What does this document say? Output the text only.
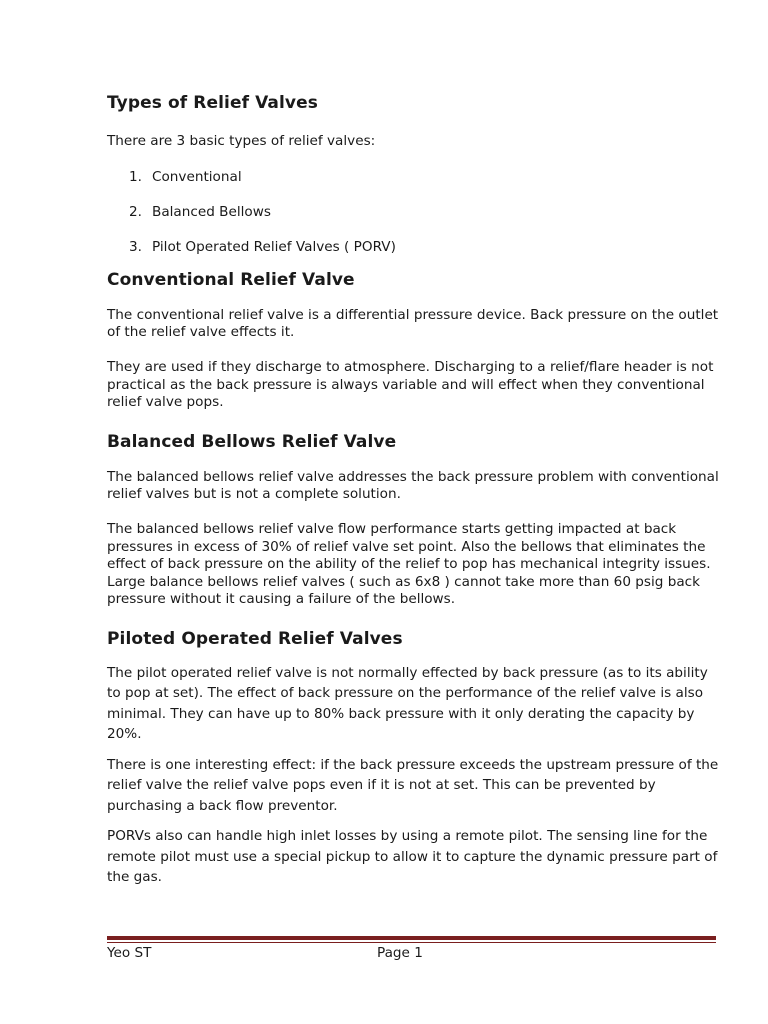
Types of Relief Valves

There are 3 basic types of relief valves:

1. Conventional
2. Balanced Bellows
3. Pilot Operated Relief Valves ( PORV)
Conventional Relief Valve

The conventional relief valve is a differential pressure device. Back pressure on the outlet of the relief valve effects it.

They are used if they discharge to atmosphere. Discharging to a relief/flare header is not practical as the back pressure is always variable and will effect when they conventional relief valve pops.

Balanced Bellows Relief Valve

The balanced bellows relief valve addresses the back pressure problem with conventional relief valves but is not a complete solution.

The balanced bellows relief valve flow performance starts getting impacted at back pressures in excess of 30% of relief valve set point. Also the bellows that eliminates the effect of back pressure on the ability of the relief to pop has mechanical integrity issues. Large balance bellows relief valves ( such as 6x8 ) cannot take more than 60 psig back pressure without it causing a failure of the bellows.

Piloted Operated Relief Valves

The pilot operated relief valve is not normally effected by back pressure (as to its ability to pop at set). The effect of back pressure on the performance of the relief valve is also minimal. They can have up to 80% back pressure with it only derating the capacity by 20%.

There is one interesting effect: if the back pressure exceeds the upstream pressure of the relief valve the relief valve pops even if it is not at set. This can be prevented by purchasing a back flow preventor.

PORVs also can handle high inlet losses by using a remote pilot. The sensing line for the remote pilot must use a special pickup to allow it to capture the dynamic pressure part of the gas.

Yeo ST	Page 1
